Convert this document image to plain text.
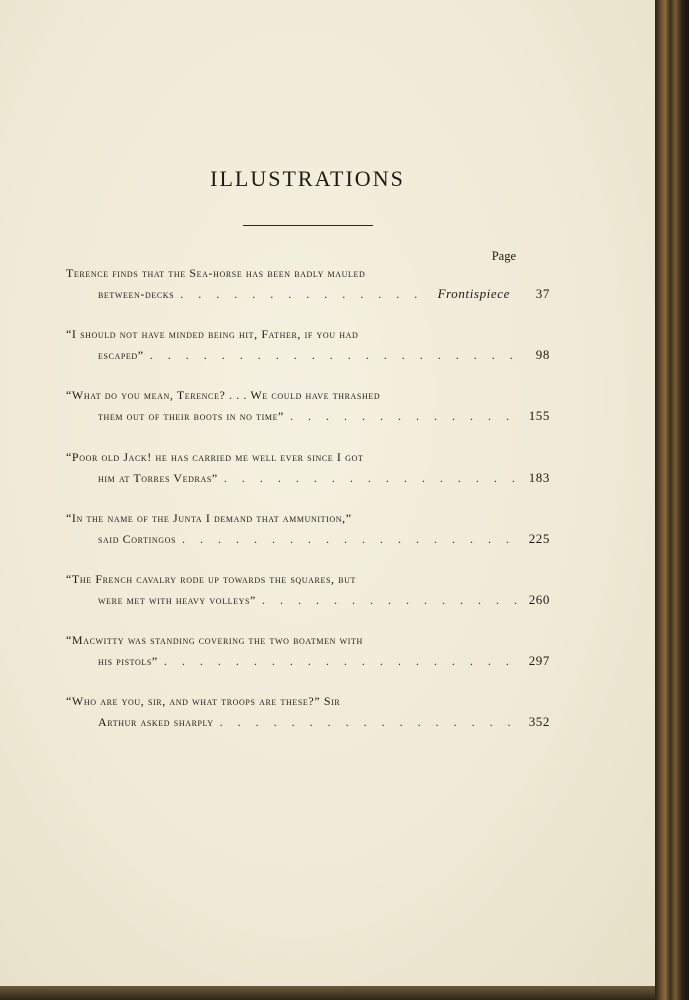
ILLUSTRATIONS
Page
Terence finds that the Sea-horse has been badly mauled
between-decks . . .	Frontispiece	37
“I should not have minded being hit, Father, if you had
escaped” . . .	98
“What do you mean, Terence? . . . We could have thrashed
them out of their boots in no time” . . .	155
“Poor old Jack! he has carried me well ever since I got
him at Torres Vedras” . . .	183
“In the name of the Junta I demand that ammunition,”
said Cortingos . . .	225
“The French cavalry rode up towards the squares, but
were met with heavy volleys” . . .	260
“Macwitty was standing covering the two boatmen with
his pistols” . . .	297
“Who are you, sir, and what troops are these?” Sir
Arthur asked sharply . . .	352
